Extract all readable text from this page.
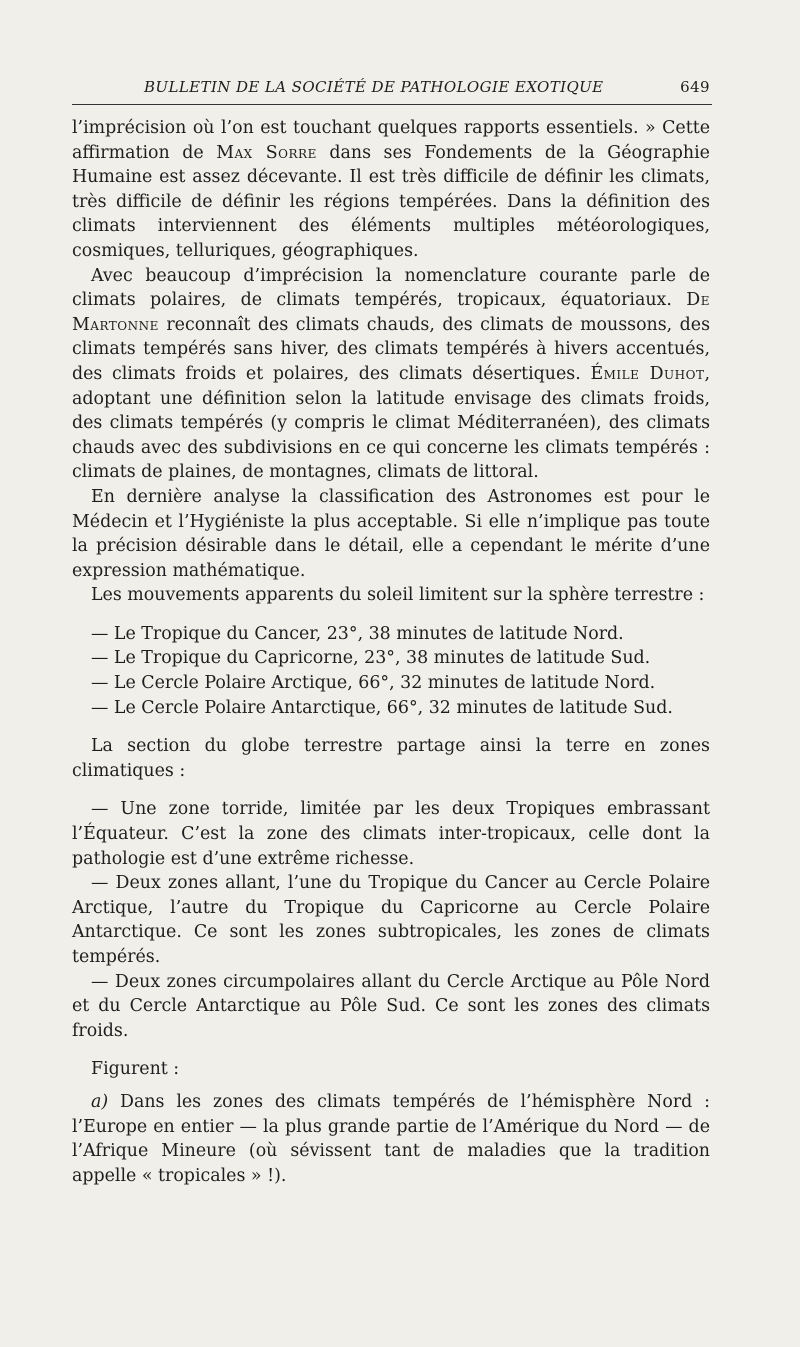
BULLETIN DE LA SOCIÉTÉ DE PATHOLOGIE EXOTIQUE	649

l’imprécision où l’on est touchant quelques rapports essentiels. » Cette affirmation de Max Sorre dans ses Fondements de la Géographie Humaine est assez décevante. Il est très difficile de définir les climats, très difficile de définir les régions tempérées. Dans la définition des climats interviennent des éléments multiples météorologiques, cosmiques, telluriques, géographiques.

Avec beaucoup d’imprécision la nomenclature courante parle de climats polaires, de climats tempérés, tropicaux, équatoriaux. De Martonne reconnaît des climats chauds, des climats de moussons, des climats tempérés sans hiver, des climats tempérés à hivers accentués, des climats froids et polaires, des climats désertiques. Émile Duhot, adoptant une définition selon la latitude envisage des climats froids, des climats tempérés (y compris le climat Méditerranéen), des climats chauds avec des subdivisions en ce qui concerne les climats tempérés : climats de plaines, de montagnes, climats de littoral.

En dernière analyse la classification des Astronomes est pour le Médecin et l’Hygiéniste la plus acceptable. Si elle n’implique pas toute la précision désirable dans le détail, elle a cependant le mérite d’une expression mathématique.

Les mouvements apparents du soleil limitent sur la sphère terrestre :

— Le Tropique du Cancer, 23°, 38 minutes de latitude Nord.
— Le Tropique du Capricorne, 23°, 38 minutes de latitude Sud.
— Le Cercle Polaire Arctique, 66°, 32 minutes de latitude Nord.
— Le Cercle Polaire Antarctique, 66°, 32 minutes de latitude Sud.

La section du globe terrestre partage ainsi la terre en zones climatiques :

— Une zone torride, limitée par les deux Tropiques embrassant l’Équateur. C’est la zone des climats inter-tropicaux, celle dont la pathologie est d’une extrême richesse.

— Deux zones allant, l’une du Tropique du Cancer au Cercle Polaire Arctique, l’autre du Tropique du Capricorne au Cercle Polaire Antarctique. Ce sont les zones subtropicales, les zones de climats tempérés.

— Deux zones circumpolaires allant du Cercle Arctique au Pôle Nord et du Cercle Antarctique au Pôle Sud. Ce sont les zones des climats froids.

Figurent :

a) Dans les zones des climats tempérés de l’hémisphère Nord : l’Europe en entier — la plus grande partie de l’Amérique du Nord — de l’Afrique Mineure (où sévissent tant de maladies que la tradition appelle « tropicales » !).
